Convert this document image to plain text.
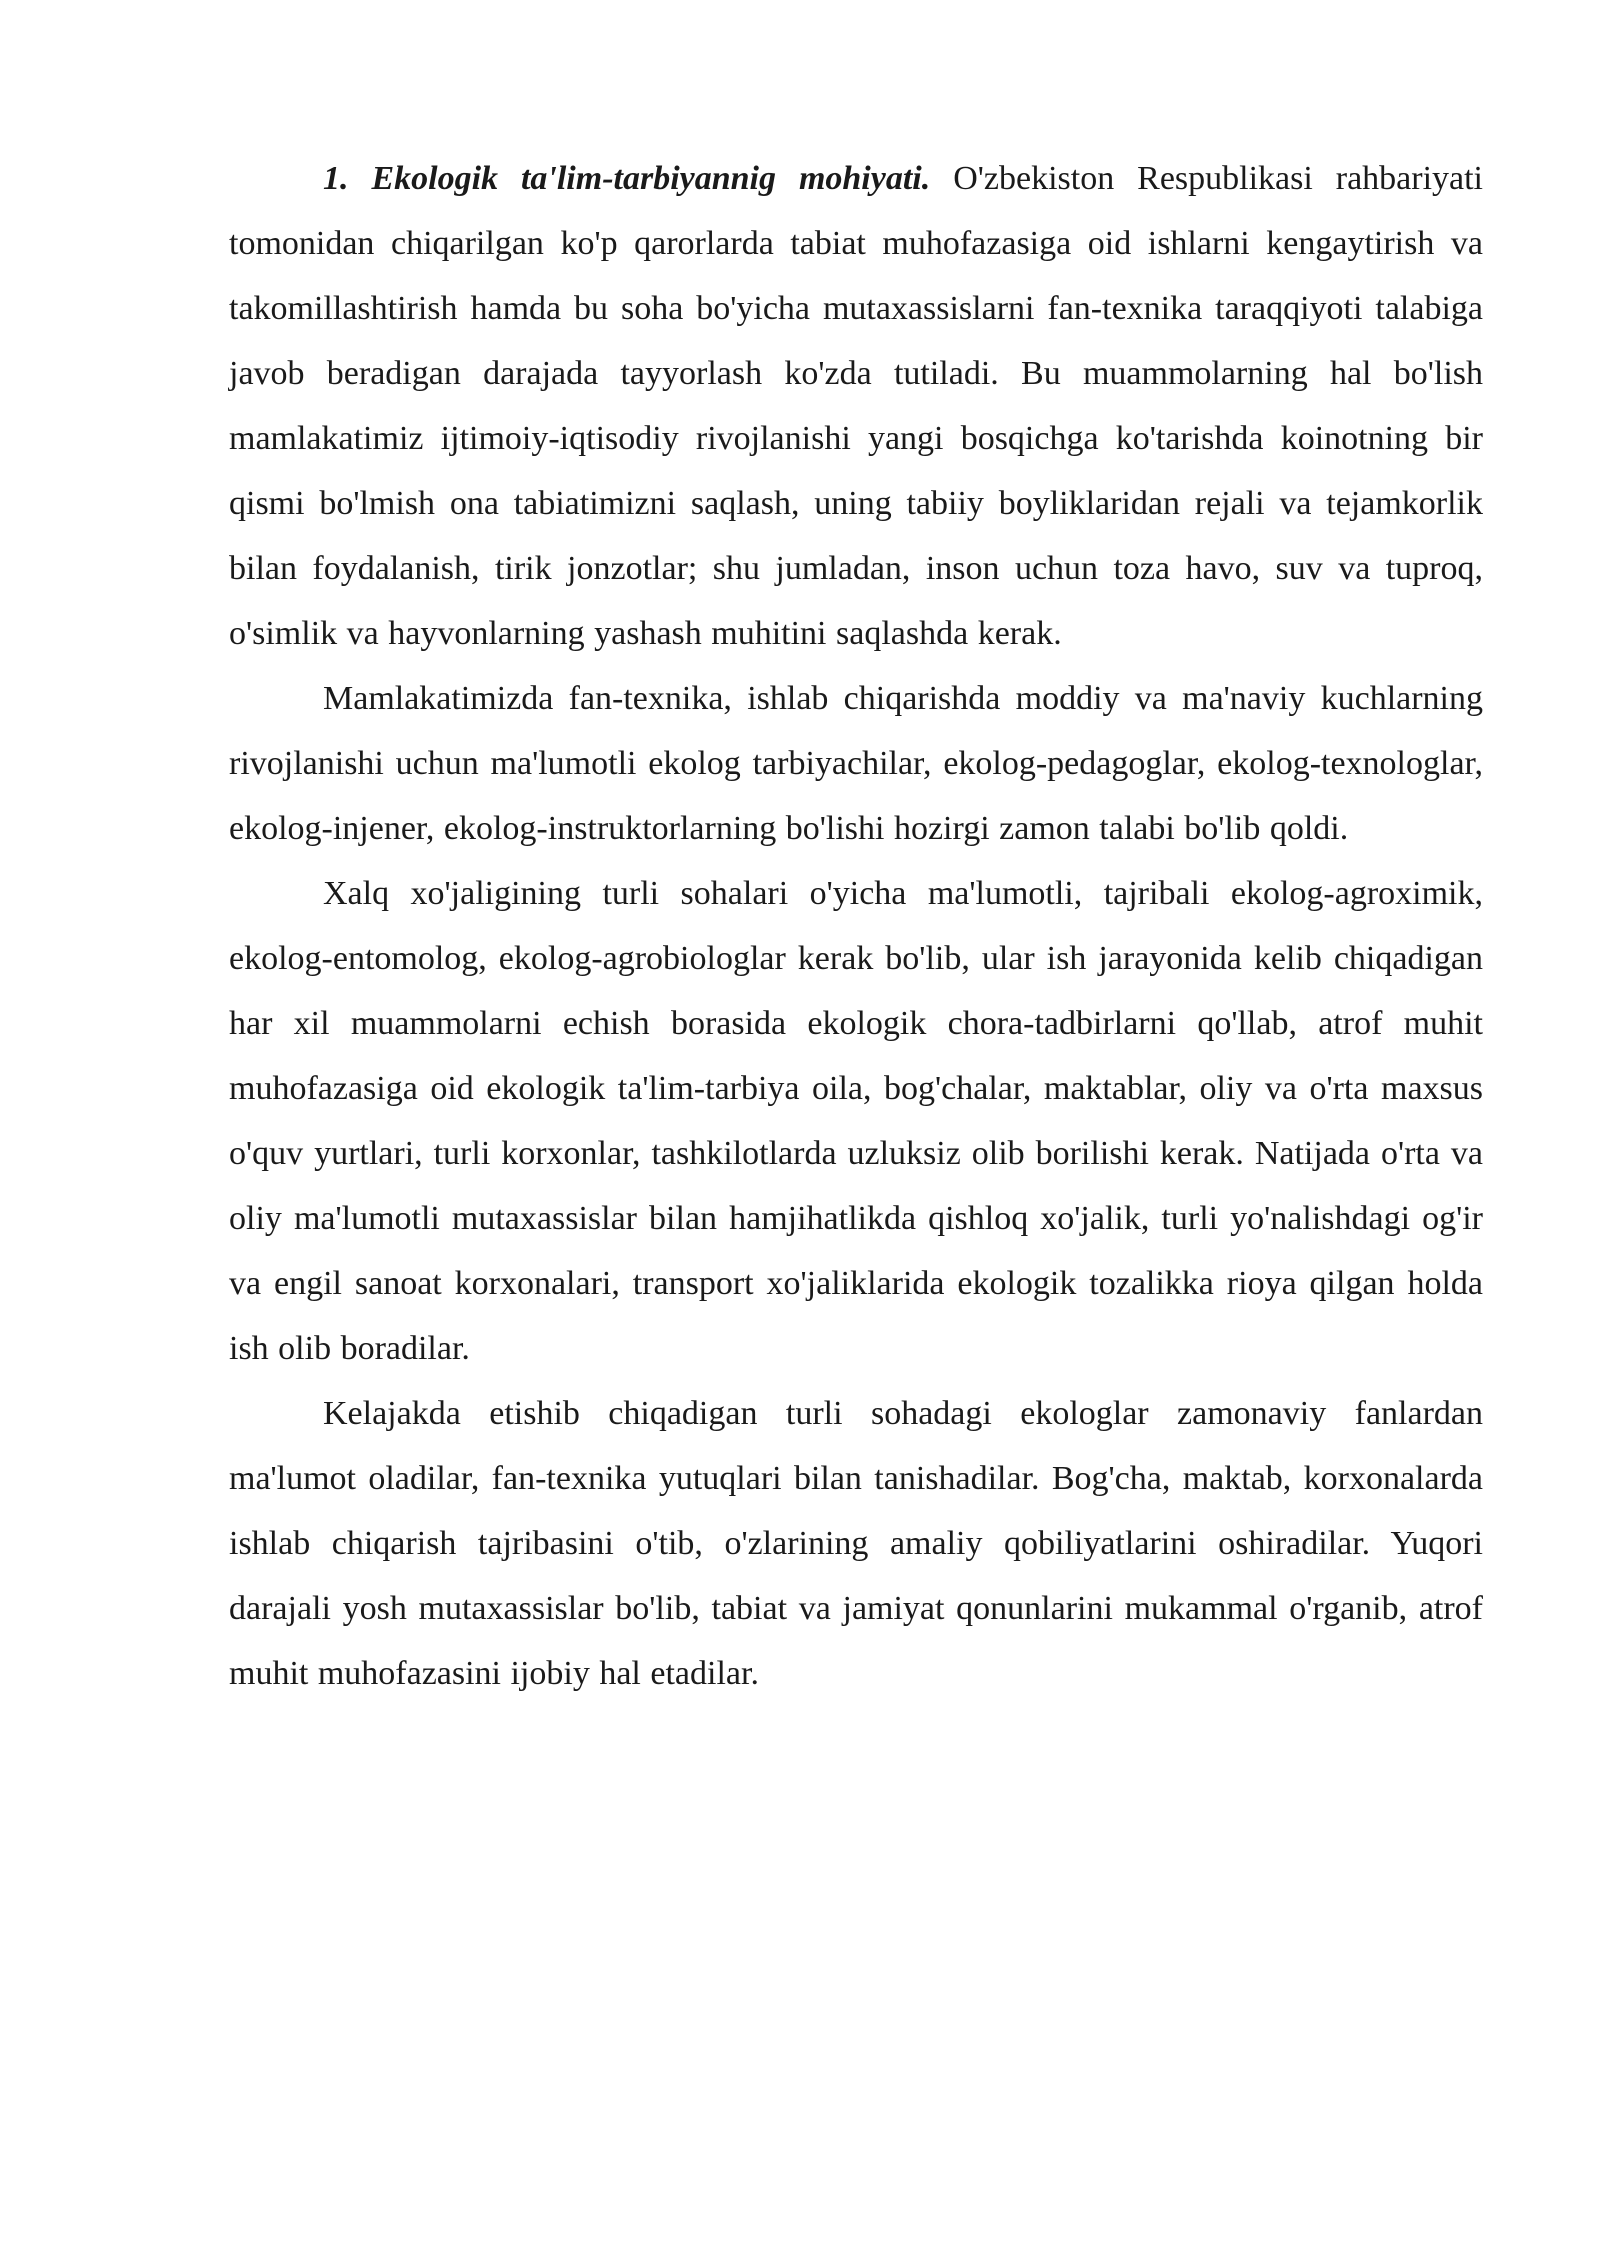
1. Ekologik ta'lim-tarbiyannig mohiyati. O'zbekiston Respublikasi rahbariyati tomonidan chiqarilgan ko'p qarorlarda tabiat muhofazasiga oid ishlarni kengaytirish va takomillashtirish hamda bu soha bo'yicha mutaxassislarni fan-texnika taraqqiyoti talabiga javob beradigan darajada tayyorlash ko'zda tutiladi. Bu muammolarning hal bo'lish mamlakatimiz ijtimoiy-iqtisodiy rivojlanishi yangi bosqichga ko'tarishda koinotning bir qismi bo'lmish ona tabiatimizni saqlash, uning tabiiy boyliklaridan rejali va tejamkorlik bilan foydalanish, tirik jonzotlar; shu jumladan, inson uchun toza havo, suv va tuproq, o'simlik va hayvonlarning yashash muhitini saqlashda kerak.

Mamlakatimizda fan-texnika, ishlab chiqarishda moddiy va ma'naviy kuchlarning rivojlanishi uchun ma'lumotli ekolog tarbiyachilar, ekolog-pedagoglar, ekolog-texnologlar, ekolog-injener, ekolog-instruktorlarning bo'lishi hozirgi zamon talabi bo'lib qoldi.

Xalq xo'jaligining turli sohalari o'yicha ma'lumotli, tajribali ekolog-agroximik, ekolog-entomolog, ekolog-agrobiologlar kerak bo'lib, ular ish jarayonida kelib chiqadigan har xil muammolarni echish borasida ekologik chora-tadbirlarni qo'llab, atrof muhit muhofazasiga oid ekologik ta'lim-tarbiya oila, bog'chalar, maktablar, oliy va o'rta maxsus o'quv yurtlari, turli korxonlar, tashkilotlarda uzluksiz olib borilishi kerak. Natijada o'rta va oliy ma'lumotli mutaxassislar bilan hamjihatlikda qishloq xo'jalik, turli yo'nalishdagi og'ir va engil sanoat korxonalari, transport xo'jaliklarida ekologik tozalikka rioya qilgan holda ish olib boradilar.

Kelajakda etishib chiqadigan turli sohadagi ekologlar zamonaviy fanlardan ma'lumot oladilar, fan-texnika yutuqlari bilan tanishadilar. Bog'cha, maktab, korxonalarda ishlab chiqarish tajribasini o'tib, o'zlarining amaliy qobiliyatlarini oshiradilar. Yuqori darajali yosh mutaxassislar bo'lib, tabiat va jamiyat qonunlarini mukammal o'rganib, atrof muhit muhofazasini ijobiy hal etadilar.
